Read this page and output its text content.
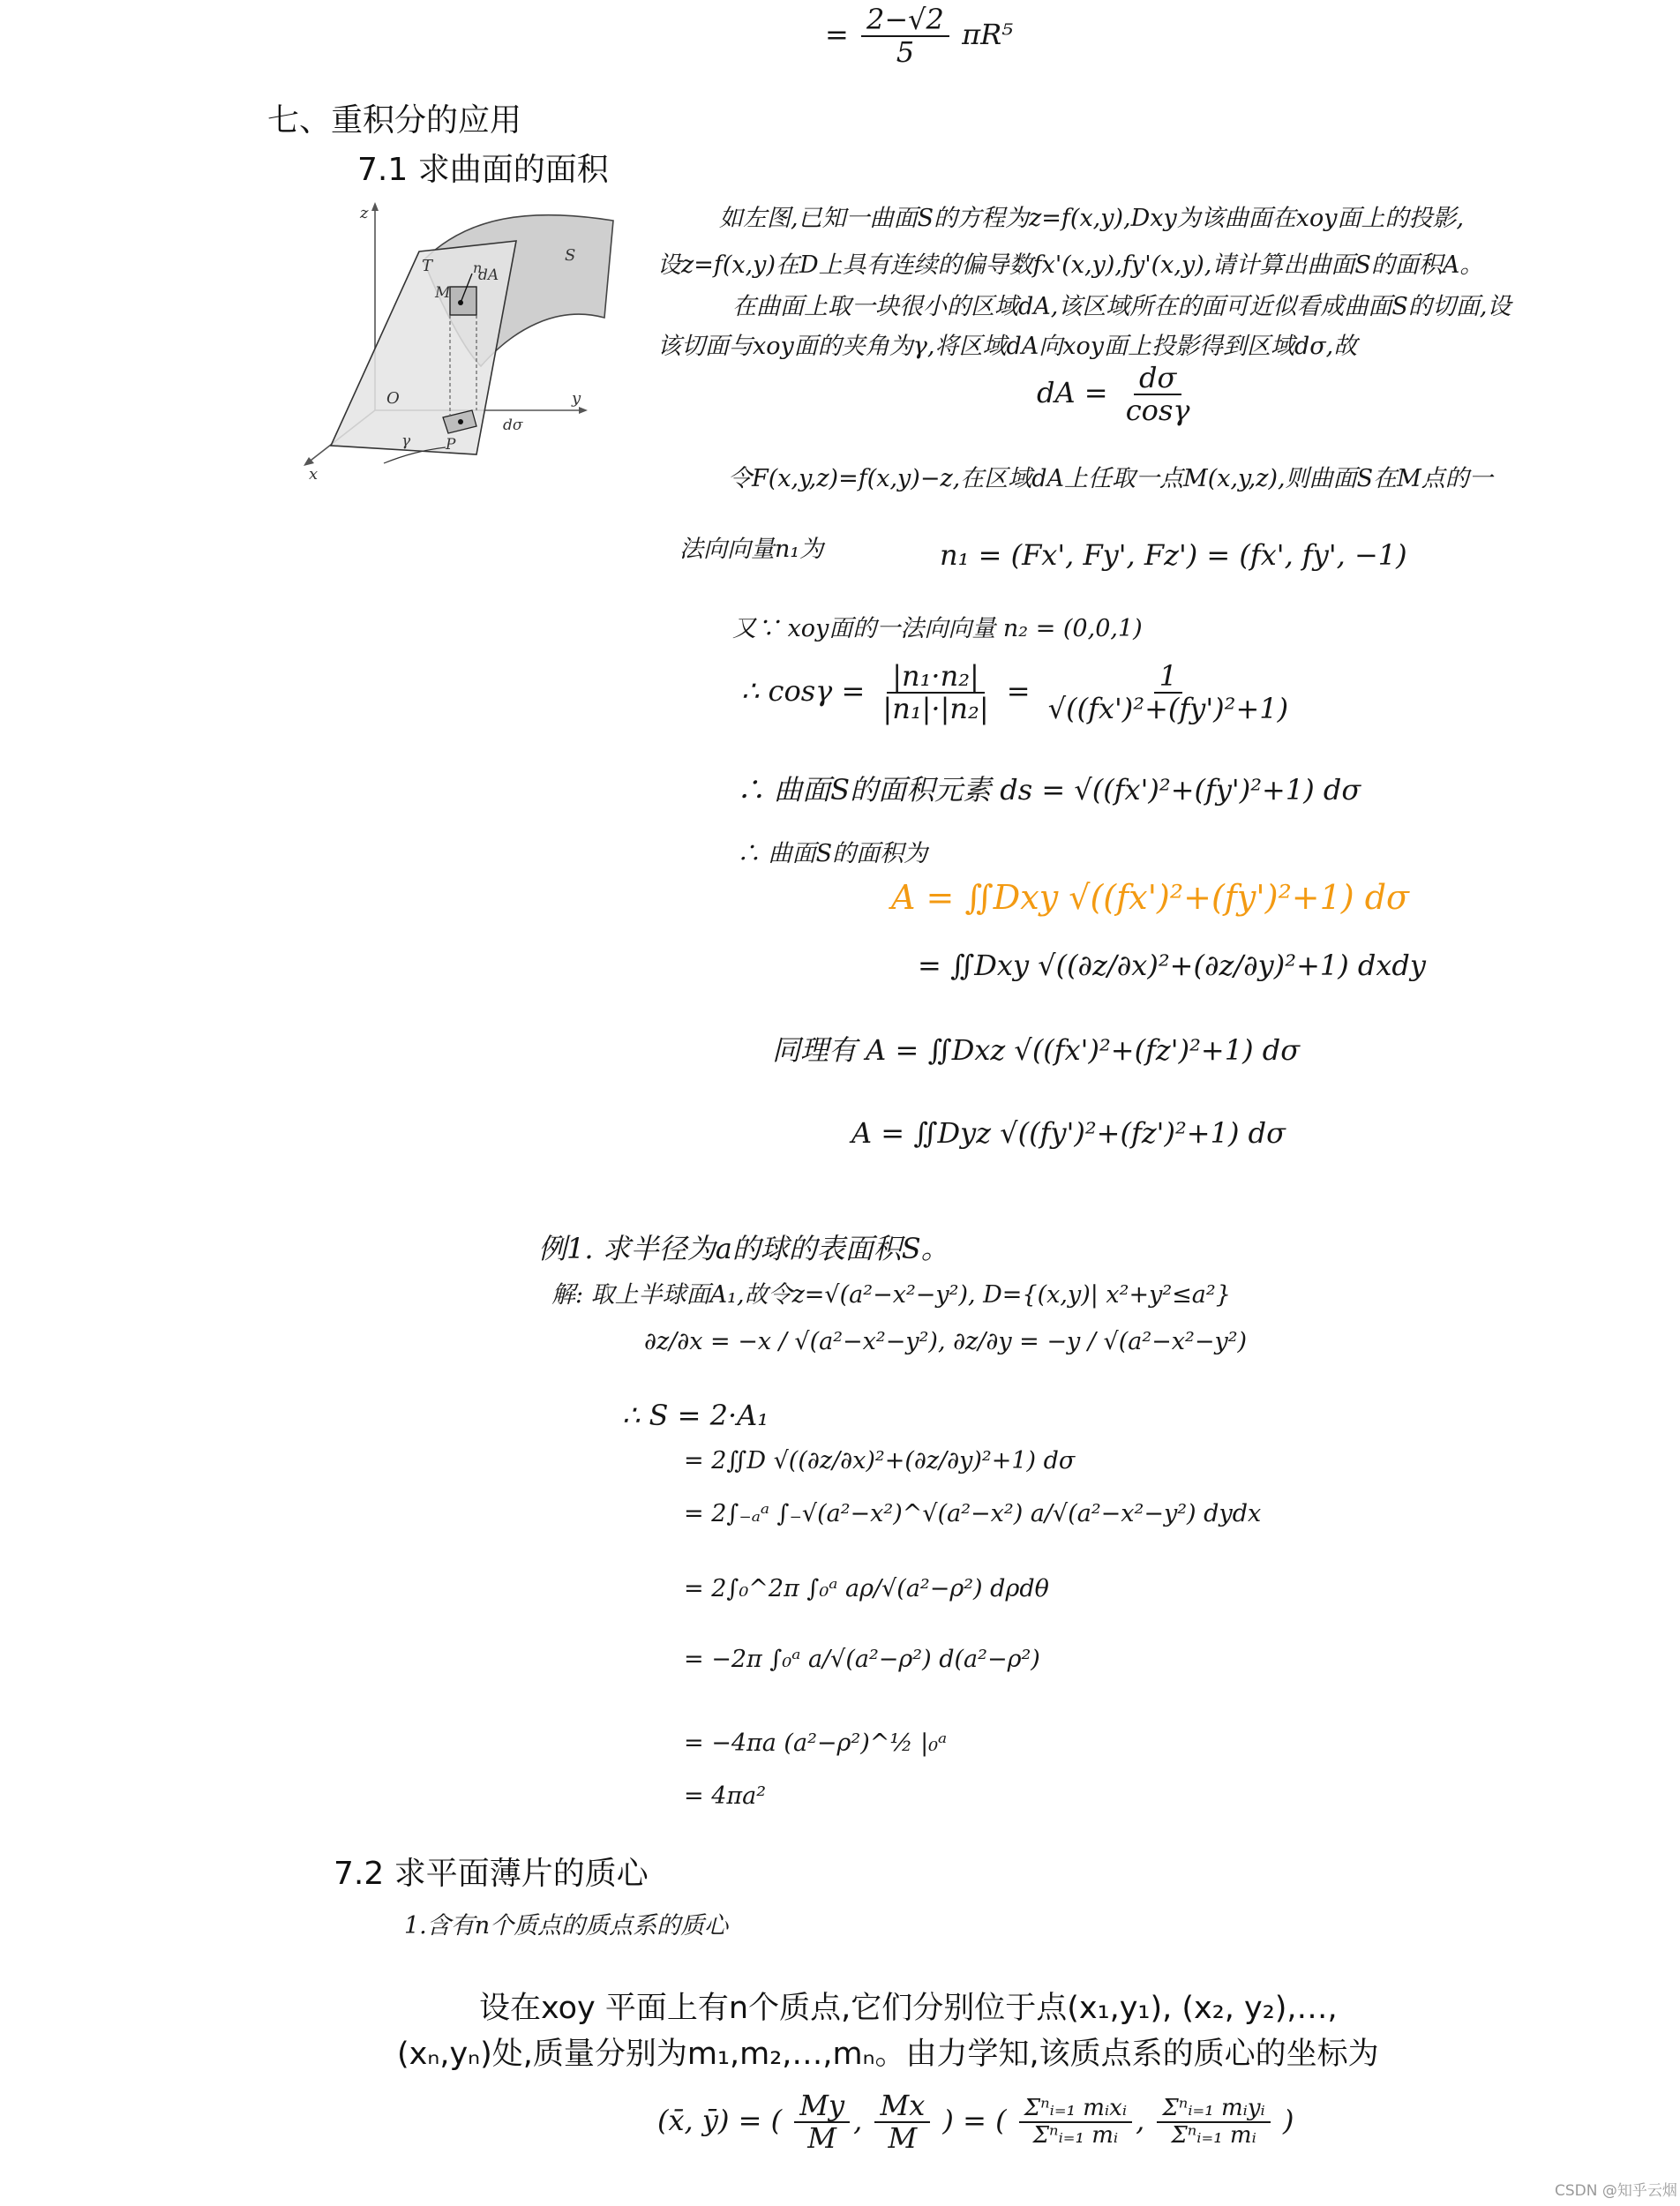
= $\frac{2-√2}{5} \pi R^5$
七、重积分的应用
7.1 求曲面的面积
z
y
x
O
T
S
dA
M
n
P
dσ
γ
如左图,已知一曲面S的方程为z=f(x,y),Dxy为该曲面在xoy面上的投影,
设z=f(x,y)在D上具有连续的偏导数fx'(x,y),fy'(x,y),请计算出曲面S的面积A。
在曲面上取一块很小的区域dA,该区域所在的面可近似看成曲面S的切面,设
该切面与xoy面的夹角为γ,将区域dA向xoy面上投影得到区域dσ,故
dA = $\frac{d\sigma}{\cos\gamma}$
令F(x,y,z)=f(x,y)−z,在区域dA上任取一点M(x,y,z),则曲面S在M点的一
法向向量n₁为	n₁ = (Fx', Fy', Fz') = (fx', fy', −1)
又∵ xoy面的一法向向量 n₂ = (0,0,1)
∴ $\cos\gamma = \frac{\text{|n₁·n₂|}}{\text{|n₁|·|n₂|}} = \frac{1}{\text{√((fx')²+(fy')²+1)}}$
∴ 曲面S的面积元素 ds = √((fx')²+(fy')²+1) dσ
∴ 曲面S的面积为
A = ∬Dxy √((fx')²+(fy')²+1) dσ
= ∬Dxy √((∂z/∂x)²+(∂z/∂y)²+1) dxdy
同理有 A = ∬Dxz √((fx')²+(fz')²+1) dσ
A = ∬Dyz √((fy')²+(fz')²+1) dσ
例1. 求半径为a的球的表面积S。
解: 取上半球面A₁,故令z=√(a²−x²−y²), D={(x,y)| x²+y²≤a²}
∂z/∂x = −x / √(a²−x²−y²), ∂z/∂y = −y / √(a²−x²−y²)
∴ S = 2·A₁
= 2∬D √((∂z/∂x)²+(∂z/∂y)²+1) dσ
= 2∫₋ₐᵃ ∫₋√(a²−x²)^√(a²−x²) a/√(a²−x²−y²) dydx
= 2∫₀^2π ∫₀ᵃ aρ/√(a²−ρ²) dρdθ
= −2π ∫₀ᵃ a/√(a²−ρ²) d(a²−ρ²)
= −4πa (a²−ρ²)^½ |₀ᵃ
= 4πa²
7.2 求平面薄片的质心
1.含有n个质点的质点系的质心
设在xoy 平面上有n个质点,它们分别位于点(x₁,y₁), (x₂, y₂),…,
(xₙ,yₙ)处,质量分别为m₁,m₂,…,mₙ。由力学知,该质点系的质心的坐标为
(x̄, ȳ) = ( $\frac{My}{M}$ , $\frac{Mx}{M}$ ) = ( $\frac{\text{Σⁿᵢ₌₁ mᵢxᵢ}}{\text{Σⁿᵢ₌₁ mᵢ}}$ , $\frac{\text{Σⁿᵢ₌₁ mᵢyᵢ}}{\text{Σⁿᵢ₌₁ mᵢ}}$ )
CSDN @知乎云烟
